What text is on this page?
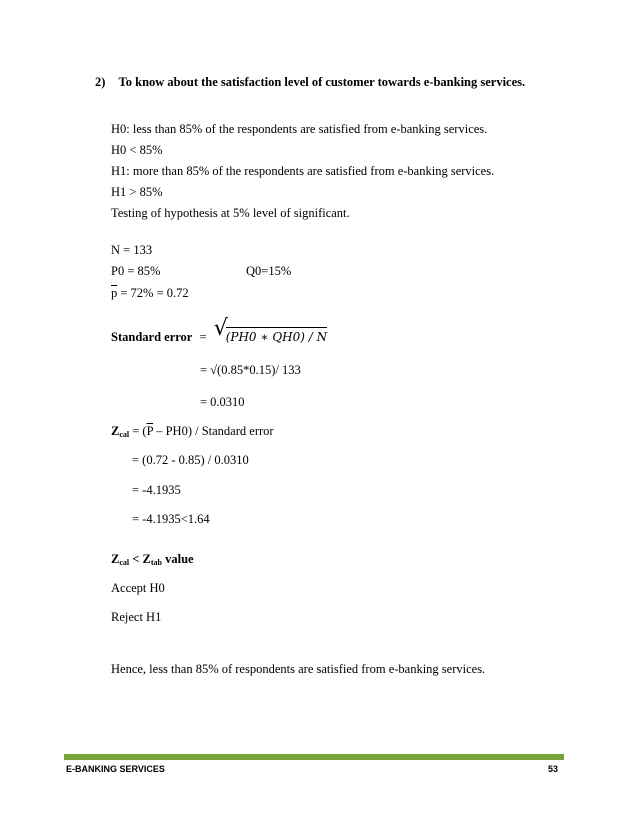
2) To know about the satisfaction level of customer towards e-banking services.
H0: less than 85% of the respondents are satisfied from e-banking services.
H0 < 85%
H1: more than 85% of the respondents are satisfied from e-banking services.
H1 > 85%
Testing of hypothesis at 5% level of significant.
N = 133
P0 = 85%	Q0=15%
$\overline{p} = 72\% = 0.72$
Standard error = √
(PH0 ∗ QH0) / N
= √(0.85*0.15)/ 133
= 0.0310
$Z_{cal} = (\overline{P} - PH0)$ / Standard error
= (0.72 - 0.85) / 0.0310
= -4.1935
= -4.1935<1.64
$Z_{cal} < Z_{tab}$ value
Accept H0
Reject H1
Hence, less than 85% of respondents are satisfied from e-banking services.
E-BANKING SERVICES	53
